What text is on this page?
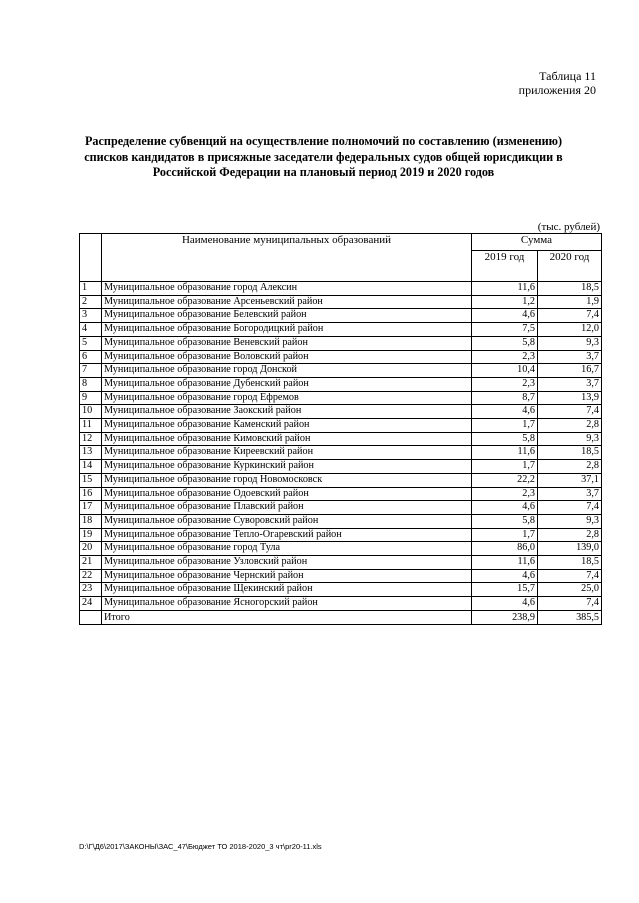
Таблица 11
приложения 20
Распределение субвенций на осуществление полномочий по составлению (изменению)
списков кандидатов в присяжные заседатели федеральных судов общей юрисдикции в
Российской Федерации на плановый период 2019 и 2020 годов
(тыс. рублей)
	Наименование муниципальных образований	Сумма	
		2019 год	2020 год
1	Муниципальное образование город Алексин	11,6	18,5
2	Муниципальное образование Арсеньевский район	1,2	1,9
3	Муниципальное образование Белевский район	4,6	7,4
4	Муниципальное образование Богородицкий район	7,5	12,0
5	Муниципальное образование Веневский район	5,8	9,3
6	Муниципальное образование Воловский район	2,3	3,7
7	Муниципальное образование город Донской	10,4	16,7
8	Муниципальное образование Дубенский район	2,3	3,7
9	Муниципальное образование город Ефремов	8,7	13,9
10	Муниципальное образование Заокский район	4,6	7,4
11	Муниципальное образование Каменский район	1,7	2,8
12	Муниципальное образование Кимовский район	5,8	9,3
13	Муниципальное образование Киреевский район	11,6	18,5
14	Муниципальное образование Куркинский район	1,7	2,8
15	Муниципальное образование город Новомосковск	22,2	37,1
16	Муниципальное образование Одоевский район	2,3	3,7
17	Муниципальное образование Плавский район	4,6	7,4
18	Муниципальное образование Суворовский район	5,8	9,3
19	Муниципальное образование Тепло-Огаревский район	1,7	2,8
20	Муниципальное образование город Тула	86,0	139,0
21	Муниципальное образование Узловский район	11,6	18,5
22	Муниципальное образование Чернский район	4,6	7,4
23	Муниципальное образование Щекинский район	15,7	25,0
24	Муниципальное образование Ясногорский район	4,6	7,4
	Итого	238,9	385,5
D:\Г\Д6\2017\ЗАКОНЫ\ЗАС_47\Бюджет ТО 2018-2020_3 чт\pr20-11.xls
